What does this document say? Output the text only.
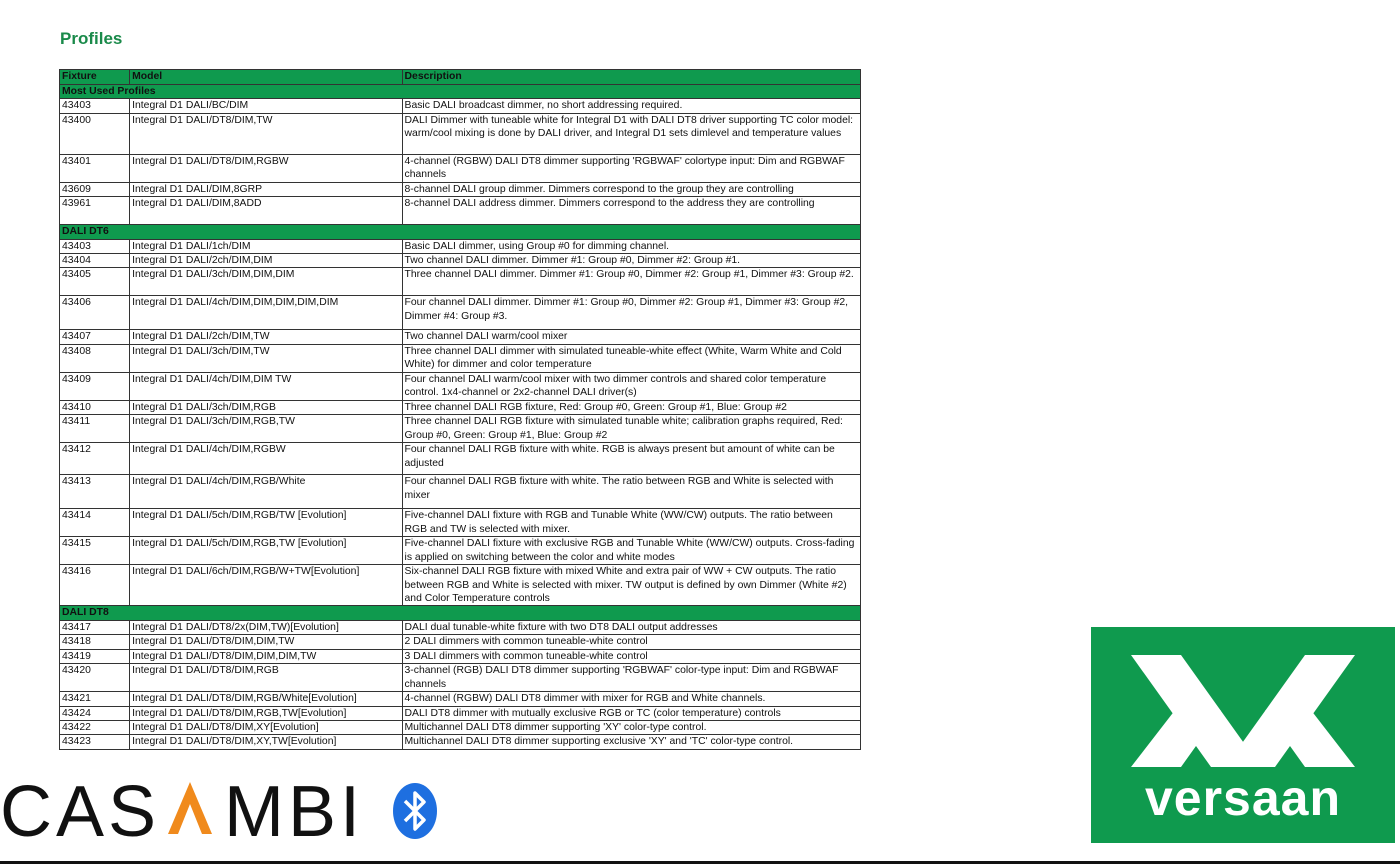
Profiles
Fixture	Model	Description
Most Used Profiles		
43403	Integral D1 DALI/BC/DIM	Basic DALI broadcast dimmer, no short addressing required.
43400	Integral D1 DALI/DT8/DIM,TW	DALI Dimmer with tuneable white for Integral D1 with DALI DT8 driver supporting TC color model: warm/cool mixing is done by DALI driver, and Integral D1 sets dimlevel and temperature values
43401	Integral D1 DALI/DT8/DIM,RGBW	4-channel (RGBW) DALI DT8 dimmer supporting 'RGBWAF' colortype input: Dim and RGBWAF channels
43609	Integral D1 DALI/DIM,8GRP	8-channel DALI group dimmer. Dimmers correspond to the group they are controlling
43961	Integral D1 DALI/DIM,8ADD	8-channel DALI address dimmer. Dimmers correspond to the address they are controlling
DALI DT6		
43403	Integral D1 DALI/1ch/DIM	Basic DALI dimmer, using Group #0 for dimming channel.
43404	Integral D1 DALI/2ch/DIM,DIM	Two channel DALI dimmer. Dimmer #1: Group #0, Dimmer #2: Group #1.
43405	Integral D1 DALI/3ch/DIM,DIM,DIM	Three channel DALI dimmer. Dimmer #1: Group #0, Dimmer #2: Group #1, Dimmer #3: Group #2.
43406	Integral D1 DALI/4ch/DIM,DIM,DIM,DIM,DIM	Four channel DALI dimmer. Dimmer #1: Group #0, Dimmer #2: Group #1, Dimmer #3: Group #2, Dimmer #4: Group #3.
43407	Integral D1 DALI/2ch/DIM,TW	Two channel DALI warm/cool mixer
43408	Integral D1 DALI/3ch/DIM,TW	Three channel DALI dimmer with simulated tuneable-white effect (White, Warm White and Cold White) for dimmer and color temperature
43409	Integral D1 DALI/4ch/DIM,DIM TW	Four channel DALI warm/cool mixer with two dimmer controls and shared color temperature control. 1x4-channel or 2x2-channel DALI driver(s)
43410	Integral D1 DALI/3ch/DIM,RGB	Three channel DALI RGB fixture, Red: Group #0, Green: Group #1, Blue: Group #2
43411	Integral D1 DALI/3ch/DIM,RGB,TW	Three channel DALI RGB fixture with simulated tunable white; calibration graphs required, Red: Group #0, Green: Group #1, Blue: Group #2
43412	Integral D1 DALI/4ch/DIM,RGBW	Four channel DALI RGB fixture with white. RGB is always present but amount of white can be adjusted
43413	Integral D1 DALI/4ch/DIM,RGB/White	Four channel DALI RGB fixture with white. The ratio between RGB and White is selected with mixer
43414	Integral D1 DALI/5ch/DIM,RGB/TW [Evolution]	Five-channel DALI fixture with RGB and Tunable White (WW/CW) outputs. The ratio between RGB and TW is selected with mixer.
43415	Integral D1 DALI/5ch/DIM,RGB,TW [Evolution]	Five-channel DALI fixture with exclusive RGB and Tunable White (WW/CW) outputs. Cross-fading is applied on switching between the color and white modes
43416	Integral D1 DALI/6ch/DIM,RGB/W+TW[Evolution]	Six-channel DALI RGB fixture with mixed White and extra pair of WW + CW outputs. The ratio between RGB and White is selected with mixer. TW output is defined by own Dimmer (White #2) and Color Temperature controls
DALI DT8		
43417	Integral D1 DALI/DT8/2x(DIM,TW)[Evolution]	DALI dual tunable-white fixture with two DT8 DALI output addresses
43418	Integral D1 DALI/DT8/DIM,DIM,TW	2 DALI dimmers with common tuneable-white control
43419	Integral D1 DALI/DT8/DIM,DIM,DIM,TW	3 DALI dimmers with common tuneable-white control
43420	Integral D1 DALI/DT8/DIM,RGB	3-channel (RGB) DALI DT8 dimmer supporting 'RGBWAF' color-type input: Dim and RGBWAF channels
43421	Integral D1 DALI/DT8/DIM,RGB/White[Evolution]	4-channel (RGBW) DALI DT8 dimmer with mixer for RGB and White channels.
43424	Integral D1 DALI/DT8/DIM,RGB,TW[Evolution]	DALI DT8 dimmer with mutually exclusive RGB or TC (color temperature) controls
43422	Integral D1 DALI/DT8/DIM,XY[Evolution]	Multichannel DALI DT8 dimmer supporting 'XY' color-type control.
43423	Integral D1 DALI/DT8/DIM,XY,TW[Evolution]	Multichannel DALI DT8 dimmer supporting exclusive 'XY' and 'TC' color-type control.
CAS MBI	versaan
